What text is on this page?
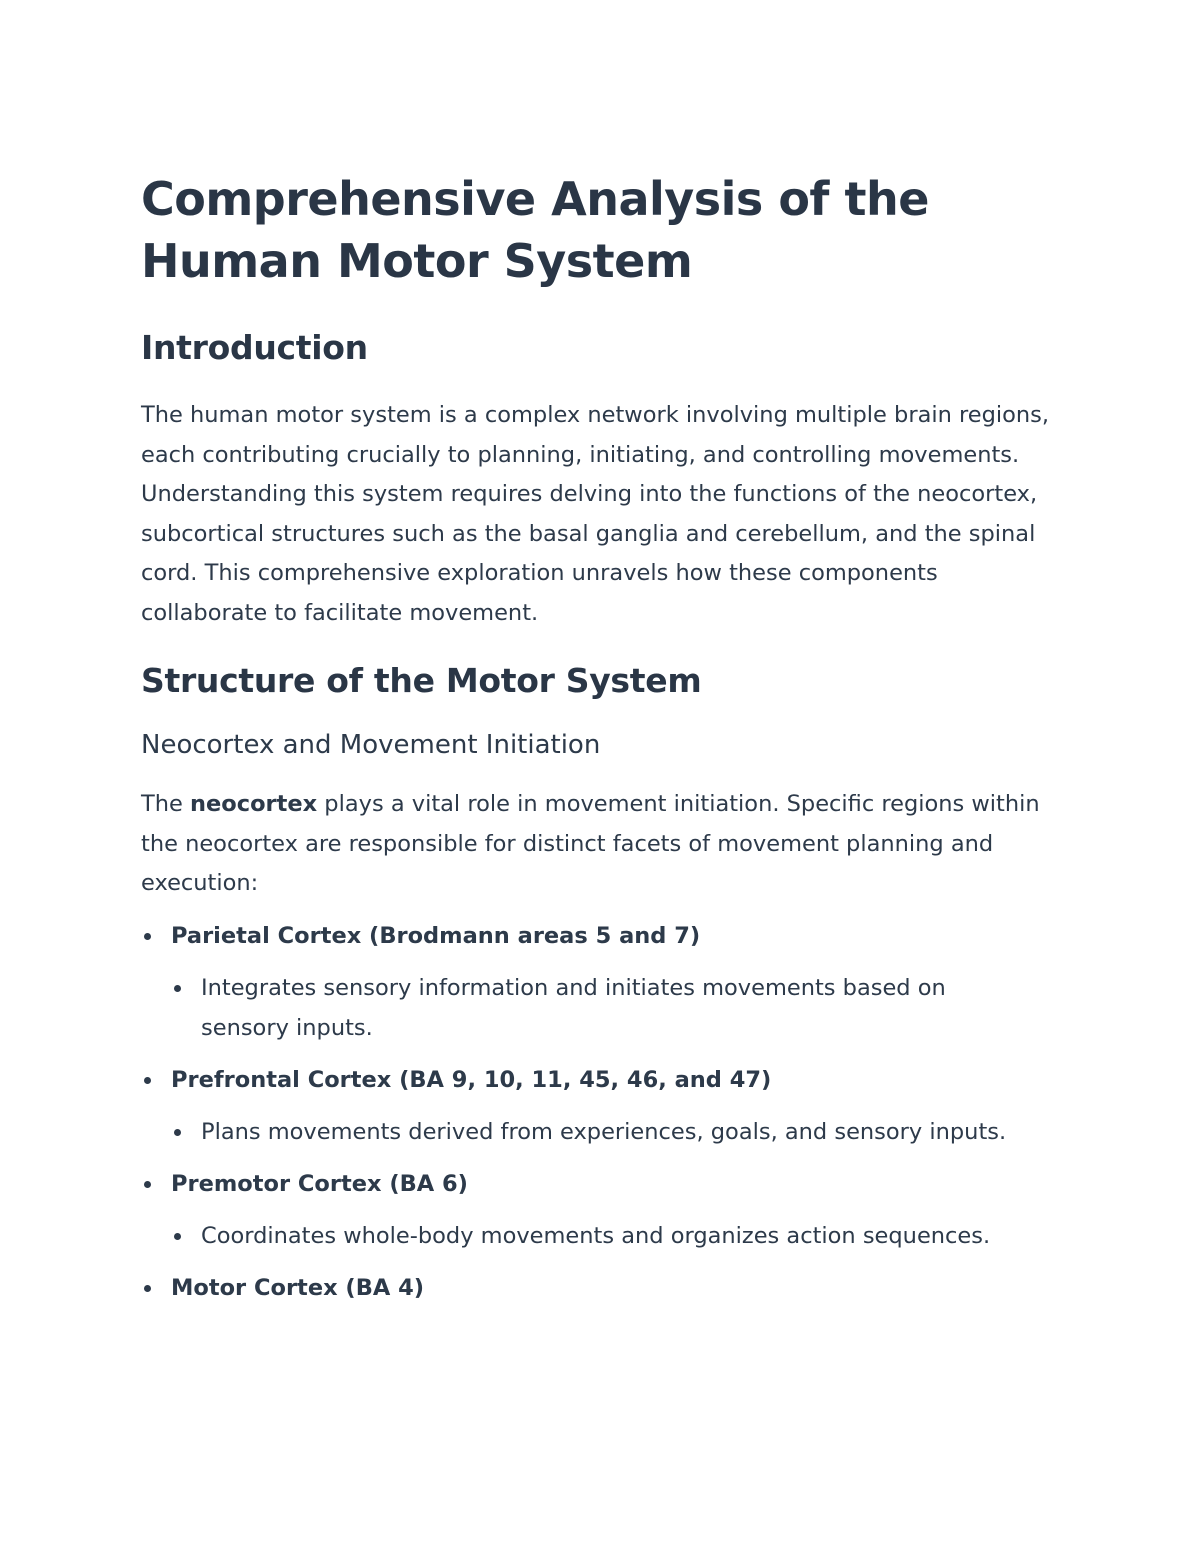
Comprehensive Analysis of the Human Motor System
Introduction

The human motor system is a complex network involving multiple brain regions, each contributing crucially to planning, initiating, and controlling movements. Understanding this system requires delving into the functions of the neocortex, subcortical structures such as the basal ganglia and cerebellum, and the spinal cord. This comprehensive exploration unravels how these components collaborate to facilitate movement.

Structure of the Motor System
Neocortex and Movement Initiation

The neocortex plays a vital role in movement initiation. Specific regions within the neocortex are responsible for distinct facets of movement planning and execution:

Parietal Cortex (Brodmann areas 5 and 7)
Integrates sensory information and initiates movements based on sensory inputs.
Prefrontal Cortex (BA 9, 10, 11, 45, 46, and 47)
Plans movements derived from experiences, goals, and sensory inputs.
Premotor Cortex (BA 6)
Coordinates whole-body movements and organizes action sequences.
Motor Cortex (BA 4)
